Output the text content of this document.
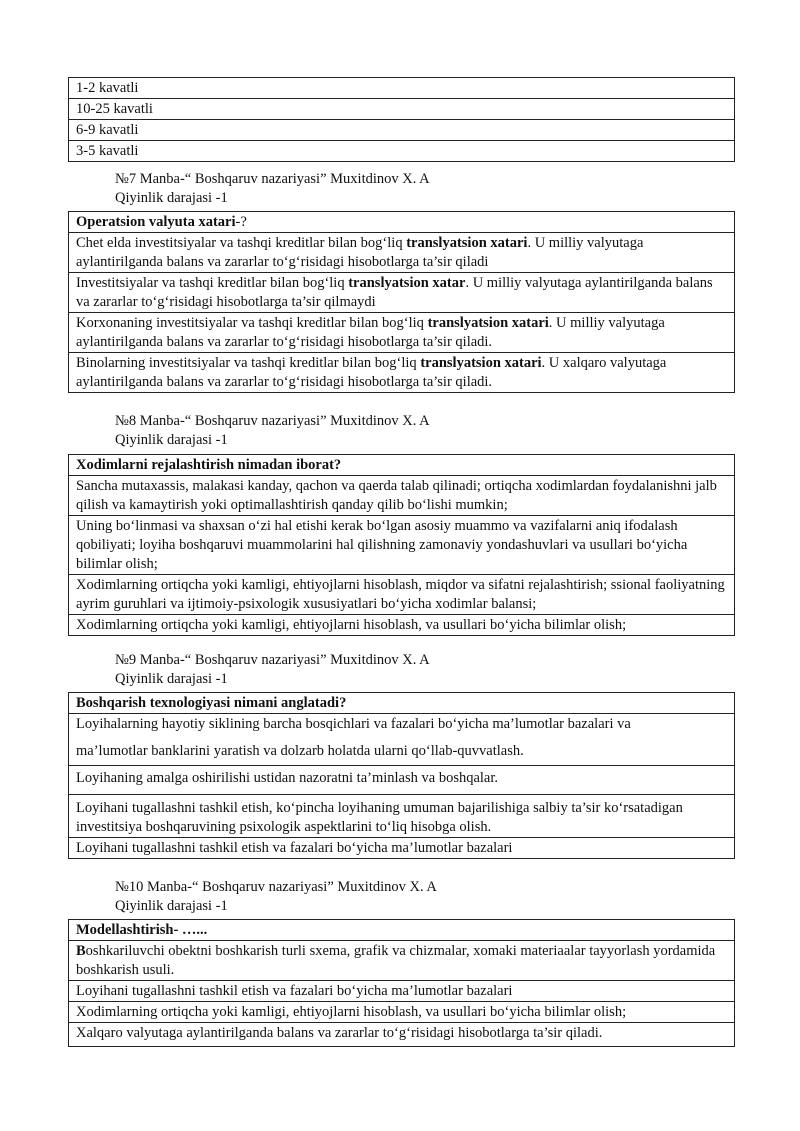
1-2 kavatli
10-25 kavatli
6-9 kavatli
3-5 kavatli
№7 Manba-“ Boshqaruv nazariyasi” Muxitdinov X. A
Qiyinlik darajasi -1
Operatsion valyuta xatari-?
Chet elda investitsiyalar va tashqi kreditlar bilan bog‘liq translyatsion xatari. U milliy valyutaga aylantirilganda balans va zararlar to‘g‘risidagi hisobotlarga ta’sir qiladi
Investitsiyalar va tashqi kreditlar bilan bog‘liq translyatsion xatar. U milliy valyutaga aylantirilganda balans va zararlar to‘g‘risidagi hisobotlarga ta’sir qilmaydi
Korxonaning investitsiyalar va tashqi kreditlar bilan bog‘liq translyatsion xatari. U milliy valyutaga aylantirilganda balans va zararlar to‘g‘risidagi hisobotlarga ta’sir qiladi.
Binolarning investitsiyalar va tashqi kreditlar bilan bog‘liq translyatsion xatari. U xalqaro valyutaga aylantirilganda balans va zararlar to‘g‘risidagi hisobotlarga ta’sir qiladi.
№8 Manba-“ Boshqaruv nazariyasi” Muxitdinov X. A
Qiyinlik darajasi -1
Xodimlarni rejalashtirish nimadan iborat?
Sancha mutaxassis, malakasi kanday, qachon va qaerda talab qilinadi; ortiqcha xodimlardan foydalanishni jalb qilish va kamaytirish yoki optimallashtirish qanday qilib bo‘lishi mumkin;
Uning bo‘linmasi va shaxsan o‘zi hal etishi kerak bo‘lgan asosiy muammo va vazifalarni aniq ifodalash qobiliyati; loyiha boshqaruvi muammolarini hal qilishning zamonaviy yondashuvlari va usullari bo‘yicha bilimlar olish;
Xodimlarning ortiqcha yoki kamligi, ehtiyojlarni hisoblash, miqdor va sifatni rejalashtirish; ssional faoliyatning ayrim guruhlari va ijtimoiy-psixologik xususiyatlari bo‘yicha xodimlar balansi;
Xodimlarning ortiqcha yoki kamligi, ehtiyojlarni hisoblash, va usullari bo‘yicha bilimlar olish;
№9 Manba-“ Boshqaruv nazariyasi” Muxitdinov X. A
Qiyinlik darajasi -1
Boshqarish texnologiyasi nimani anglatadi?

Loyihalarning hayotiy siklining barcha bosqichlari va fazalari bo‘yicha ma’lumotlar bazalari va
ma’lumotlar banklarini yaratish va dolzarb holatda ularni qo‘llab-quvvatlash.

Loyihaning amalga oshirilishi ustidan nazoratni ta’minlash va boshqalar.
Loyihani tugallashni tashkil etish, ko‘pincha loyihaning umuman bajarilishiga salbiy ta’sir ko‘rsatadigan investitsiya boshqaruvining psixologik aspektlarini to‘liq hisobga olish.
Loyihani tugallashni tashkil etish va fazalari bo‘yicha ma’lumotlar bazalari
№10 Manba-“ Boshqaruv nazariyasi” Muxitdinov X. A
Qiyinlik darajasi -1
Modellashtirish- …...
Boshkariluvchi obektni boshkarish turli sxema, grafik va chizmalar, xomaki materiaalar tayyorlash yordamida boshkarish usuli.
Loyihani tugallashni tashkil etish va fazalari bo‘yicha ma’lumotlar bazalari
Xodimlarning ortiqcha yoki kamligi, ehtiyojlarni hisoblash, va usullari bo‘yicha bilimlar olish;
Xalqaro valyutaga aylantirilganda balans va zararlar to‘g‘risidagi hisobotlarga ta’sir qiladi.
